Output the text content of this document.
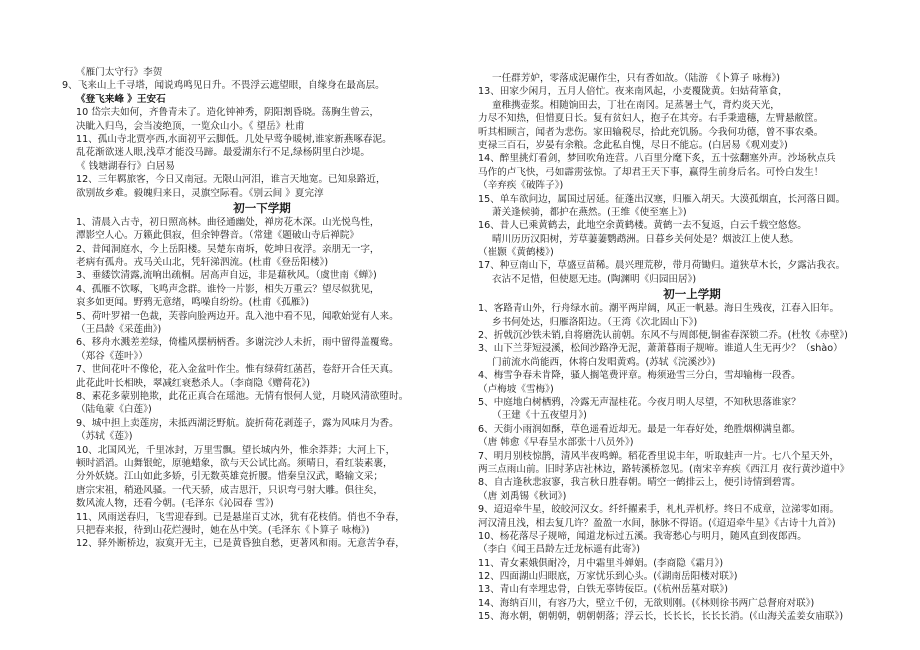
《雁门太守行》李贺
9、飞来山上千寻塔，闻说鸡鸣见日升。不畏浮云遮望眼，自缘身在最高层。
《登飞来峰 》王安石
10 岱宗夫如何，齐鲁青未了。造化钟神秀，阴阳割昏晓。荡胸生曾云，
决眦入归鸟，会当凌绝顶，一览众山小。《 望岳》杜甫
11、孤山寺北贾亭西,水面初平云脚低。几处早莺争暖树,谁家新燕啄春泥。
乱花渐欲迷人眼,浅草才能没马蹄。最爱湖东行不足,绿杨阴里白沙堤。
《 钱塘湖春行》白居易
12、三年羁旅客，今日又南冠。无限山河泪，谁言天地宽。已知泉路近，
欲别故乡难。毅魄归来日，灵旗空际看。《别云间 》夏完淳
初一下学期
1、清晨入古寺，初日照高林。曲径通幽处，禅房花木深。山光悦鸟性，
潭影空人心。万籁此俱寂，但余钟磬音。（常建《题破山寺后禅院》
2、昔闻洞庭水，今上岳阳楼。吴楚东南坼，乾坤日夜浮。亲朋无一字，
老病有孤舟。戎马关山北，凭轩涕泗流。(杜甫《登岳阳楼》)
3、垂緌饮清露,流响出疏桐。居高声自远，非是藉秋风。（虞世南《蝉》)
4、孤雁不饮啄，飞鸣声念群。谁怜一片影，相失万重云？望尽似犹见，
哀多如更闻。野鸦无意绪，鸣噪自纷纷。(杜甫《孤雁》)
5、荷叶罗裙一色裁，芙蓉向脸两边开。乱入池中看不见，闻歌始觉有人来。
（王昌龄《采莲曲》)
6、移舟水溅差差绿，倚槛风摆柄柄香。多谢浣沙人未折，雨中留得盖覆鸯。
（郑谷《莲叶》）
7、世间花叶不像伦，花入金盆叶作尘。惟有绿荷红菡萏，卷舒开合任天真。
此花此叶长相映，翠减红衰愁杀人。（李商隐《赠荷花》)
8、素花多蒙别艳欺，此花正真合在瑶池。无情有恨何人觉，月晓风清欲堕时。
（陆龟蒙《白莲》)
9、城中担上卖莲房，未抵西湖泛野航。旋折荷花剥莲子，露为风味月为香。
（苏轼《莲》)
10、北国风光，千里冰封，万里雪飘。望长城内外，惟余莽莽；大河上下，
顿时滔滔。山舞银蛇，原驰蜡象，欲与天公试比高。须晴日，看红装素裹，
分外妖娆。江山如此多娇，引无数英雄竞折腰。惜秦皇汉武，略输文采；
唐宗宋祖，稍逊风骚。一代天骄，成吉思汗，只识弯弓射大雕。俱往矣，
数风流人物，还看今朝。(毛泽东《沁园春 雪》)
11、风雨送春归，飞雪迎春到。已是悬崖百丈冰，犹有花枝俏。俏也不争春，
只把春来报，待到山花烂漫时，她在丛中笑。(毛泽东《卜算子 咏梅》)
12、驿外断桥边，寂寞开无主，已是黄昏独自愁，更著风和雨。无意苦争春，
一任群芳妒，零落成泥碾作尘，只有香如故。（陆游 《卜算子 咏梅》)
13、田家少闲月，五月人倍忙。夜来南风起，小麦覆陇黄。妇姑荷箪食，
童稚携壶浆。相随饷田去，丁壮在南冈。足蒸暑土气，背灼炎天光，
力尽不知热，但惜夏日长。复有贫妇人，抱子在其旁。右手秉遗穗，左臂悬敝筐。
听其相顾言，闻者为悲伤。家田输税尽，拾此充饥肠。今我何功德，曾不事农桑。
吏禄三百石，岁晏有余粮。念此私自愧，尽日不能忘。(白居易《观刈麦》)
14、醉里挑灯看剑，梦回吹角连营。八百里分麾下炙，五十弦翻塞外声。沙场秋点兵
马作的卢飞快，弓如霹雳弦惊。了却君王天下事，赢得生前身后名。可怜白发生！
（辛弃疾《破阵子》)
15、单车欲问边，属国过居延。征蓬出汉塞，归雁入胡天。大漠孤烟直，长河落日圆。
萧关逢候骑，都护在燕然。(王维《使至塞上》)
16、昔人已乘黄鹤去，此地空余黄鹤楼。黄鹤一去不复返，白云千载空悠悠。
晴川历历汉阳树，芳草萋萋鹦鹉洲。日暮乡关何处是？烟波江上使人愁。
（崔颢《黄鹤楼》)
17、种豆南山下，草盛豆苗稀。晨兴理荒秽，带月荷锄归。道狭草木长，夕露沾我衣。
衣沾不足惜，但使愿无违。(陶渊明《归园田居》)
初一上学期
1、客路青山外，行舟绿水前。潮平两岸阔，风正一帆悬。海日生残夜，江春入旧年。
乡书何处达，归雁洛阳边。（王湾《次北固山下》)
2、折戟沉沙铁未销,自将磨洗认前朝。东风不与周郎便,铜雀春深锁二乔。(杜牧《赤壁》)
3、山下兰芽短浸溪，松间沙路净无泥，萧萧暮雨子规啼。谁道人生无再少？（shào）
门前流水尚能西，休将白发唱黄鸡。(苏轼《浣溪沙》)
4、梅雪争春未肯降，骚人搁笔费评章。梅须逊雪三分白，雪却输梅一段香。
（卢梅坡《雪梅》)
5、中庭地白树栖鸦，冷露无声湿桂花。今夜月明人尽望，不知秋思落谁家？
（王建《十五夜望月》)
6、天街小雨润如酥，草色遥看近却无。最是一年春好处，绝胜烟柳满皇都。
（唐 韩愈《早春呈水部张十八员外》)
7、明月别枝惊鹊，清风半夜鸣蝉。稻花香里说丰年，听取蛙声一片。七八个星天外，
两三点雨山前。旧时茅店社林边，路转溪桥忽见。(南宋辛弃疾《西江月 夜行黄沙道中》
8、自古逢秋悲寂寥，我言秋日胜春朝。晴空一鹤排云上，便引诗情到碧霄。
（唐 刘禹锡《秋词》)
9、迢迢牵牛星，皎皎河汉女。纤纤擢素手，札札弄机杼。终日不成章，泣涕零如雨。
河汉清且浅，相去复几许？盈盈一水间，脉脉不得语。(《迢迢牵牛星》《古诗十九首》)
10、杨花落尽子规啼，闻道龙标过五溪。我寄愁心与明月，随风直到夜郎西。
（李白《闻王昌龄左迁龙标遥有此寄》)
11、青女素娥俱耐冷，月中霜里斗婵娟。(李商隐《霜月》)
12、四面湖山归眼底，万家忧乐到心头。(《湖南岳阳楼对联》)
13、青山有幸埋忠骨，白铁无辜铸佞臣。(《杭州岳墓对联》)
14、海纳百川，有容乃大，壁立千仞，无欲则刚。(《林则徐书两广总督府对联》)
15、海水朝，朝朝朝，朝朝朝落；浮云长，长长长，长长长消。(《山海关孟姜女庙联》)
